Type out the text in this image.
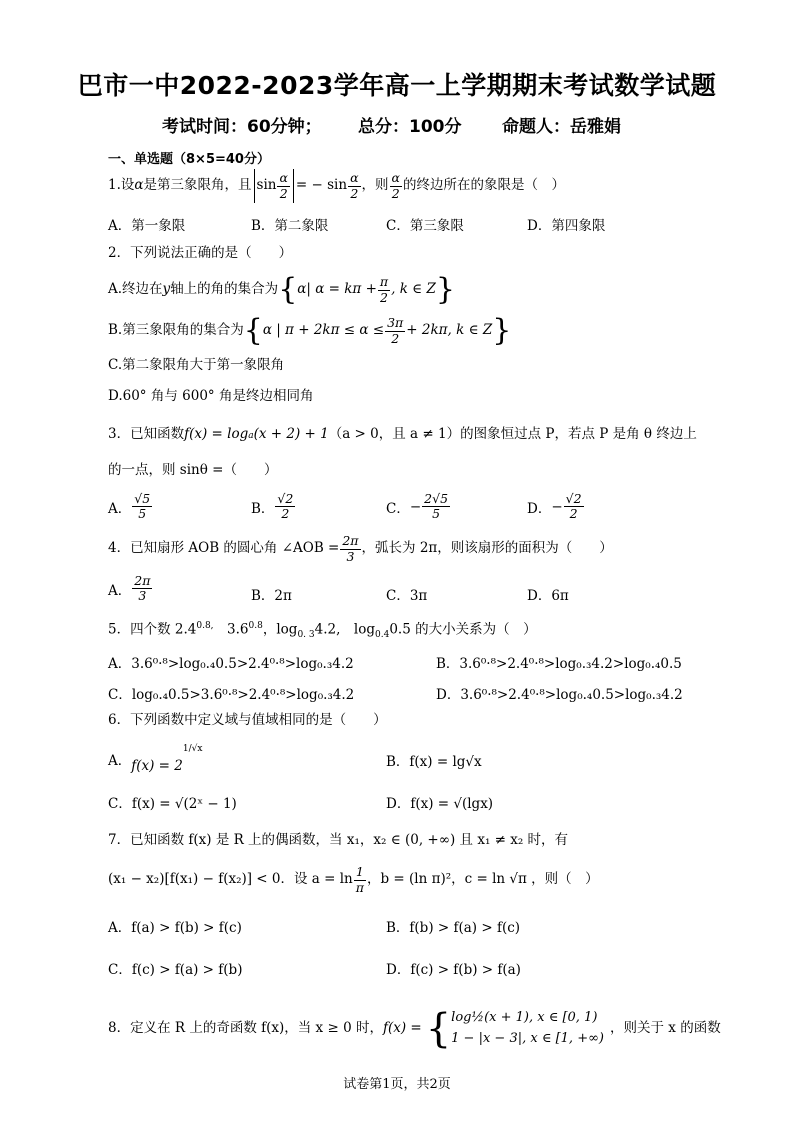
巴市一中2022-2023学年高一上学期期末考试数学试题
考试时间：60分钟； 总分：100分 命题人：岳雅娟
一、单选题（8×5=40分）
1.设 α 是第三象限角，且 $\sin \frac{\alpha}{2}$ = − $\sin \frac{\alpha}{2}$ ，则 $\frac{\alpha}{2}$ 的终边所在的象限是（　）
A．第一象限	B．第二象限	C．第三象限	D．第四象限
2．下列说法正确的是（　　）
A.终边在 y 轴上的角的集合为 { α| $\alpha = k\pi + \frac{\pi}{2}$ , k ∈ Z }
B.第三象限角的集合为 { α | $\pi + 2k\pi \le \alpha \le \frac{3\pi}{2} + 2k\pi$, k ∈ Z }
C.第二象限角大于第一象限角
D.60° 角与 600° 角是终边相同角
3．已知函数 f(x) = log a (x + 2) + 1 （a > 0，且 a ≠ 1）的图象恒过点 P，若点 P 是角 θ 终边上
的一点，则 sinθ =（　　）
A． $\frac{√5}{5}$	B． $\frac{√2}{2}$	C． − $\frac{2√5}{5}$	D． − $\frac{√2}{2}$
4．已知扇形 AOB 的圆心角 ∠AOB = $\frac{2\pi}{3}$ ，弧长为 2π，则该扇形的面积为（　　）
A． $\frac{2\pi}{3}$	B．2π	C．3π	D．6π
5．四个数 $2.4^{0.8,}$　$3.6^{0.8}$，$\log_{0. 3}4.2$,　$\log_{0.4}0.5$ 的大小关系为（　）
A．3.6⁰·⁸>log₀.₄0.5>2.4⁰·⁸>log₀.₃4.2	B．3.6⁰·⁸>2.4⁰·⁸>log₀.₃4.2>log₀.₄0.5
C．log₀.₄0.5>3.6⁰·⁸>2.4⁰·⁸>log₀.₃4.2	D．3.6⁰·⁸>2.4⁰·⁸>log₀.₄0.5>log₀.₃4.2
6．下列函数中定义域与值域相同的是（　　）
A． f(x) = 2
1/√x
B．f(x) = lg√x
C．f(x) = √(2ˣ − 1)	D．f(x) = √(lgx)
7．已知函数 f(x) 是 R 上的偶函数，当 x₁，x₂ ∈ (0, +∞) 且 x₁ ≠ x₂ 时，有
(x₁ − x₂)[f(x₁) − f(x₂)] < 0．设 $a = \ln \frac{1}{\pi}$ ，b = (ln π)²，c = ln √π ，则（　）
A．f(a) > f(b) > f(c)	B．f(b) > f(a) > f(c)
C．f(c) > f(a) > f(b)	D．f(c) > f(b) > f(a)
8．定义在 R 上的奇函数 f(x)，当 x ≥ 0 时， f(x) = { log½(x + 1), x ∈ [0, 1)
1 − |x − 3|, x ∈ [1, +∞)
，则关于 x 的函数
试卷第1页，共2页
